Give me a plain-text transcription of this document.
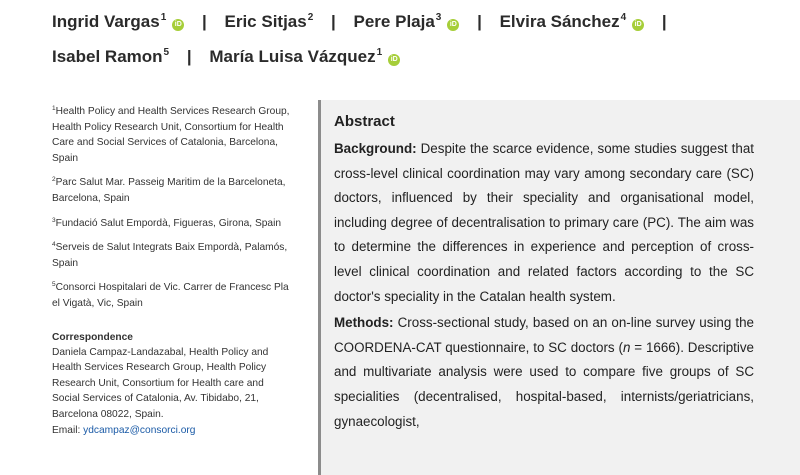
Ingrid Vargas$^1$iD | Eric Sitjas$^2$ | Pere Plaja$^3$iD | Elvira Sánchez$^4$iD |
Isabel Ramon$^5$ | María Luisa Vázquez$^1$iD
$^1$Health Policy and Health Services Research Group, Health Policy Research Unit, Consortium for Health Care and Social Services of Catalonia, Barcelona, Spain
$^2$Parc Salut Mar. Passeig Maritim de la Barceloneta, Barcelona, Spain
$^3$Fundació Salut Empordà, Figueras, Girona, Spain
$^4$Serveis de Salut Integrats Baix Empordà, Palamós, Spain
$^5$Consorci Hospitalari de Vic. Carrer de Francesc Pla el Vigatà, Vic, Spain
Correspondence
Daniela Campaz-Landazabal, Health Policy and Health Services Research Group, Health Policy Research Unit, Consortium for Health care and Social Services of Catalonia, Av. Tibidabo, 21, Barcelona 08022, Spain.
Email: ydcampaz@consorci.org
Abstract

Background: Despite the scarce evidence, some studies suggest that cross-level clinical coordination may vary among secondary care (SC) doctors, influenced by their speciality and organisational model, including degree of decentralisation to primary care (PC). The aim was to determine the differences in experience and perception of cross-level clinical coordination and related factors according to the SC doctor's speciality in the Catalan health system.

Methods: Cross-sectional study, based on an on-line survey using the COORDENA-CAT questionnaire, to SC doctors (n = 1666). Descriptive and multivariate analysis were used to compare five groups of SC specialities (decentralised, hospital-based, internists/geriatricians, gynaecologist,
